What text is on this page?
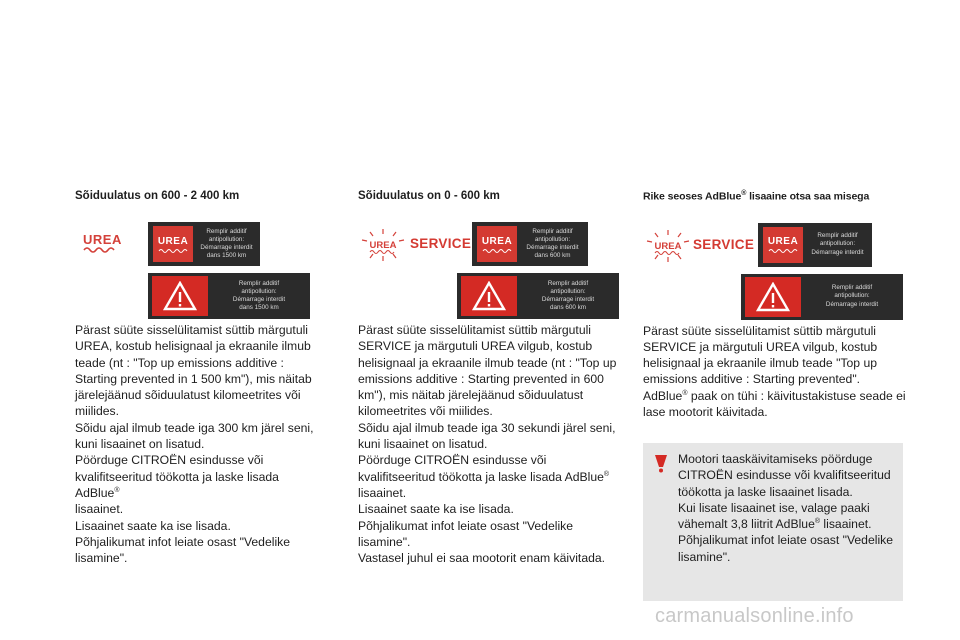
Sõiduulatus on 600 - 2 400 km
UREA	UREA
Remplir additif
antipollution:
Démarrage interdit
dans 1500 km
Remplir additif
antipollution:
Démarrage interdit
dans 1500 km

Pärast süüte sisselülitamist süttib märgutuli UREA, kostub helisignaal ja ekraanile ilmub teade (nt : "Top up emissions additive : Starting prevented in 1 500 km"), mis näitab järelejäänud sõiduulatust kilomeetrites või miilides.

Sõidu ajal ilmub teade iga 300 km järel seni, kuni lisaainet on lisatud.

Pöörduge CITROËN esindusse või kvalifitseeritud töökotta ja laske lisada AdBlue®

lisaainet.

Lisaainet saate ka ise lisada.

Põhjalikumat infot leiate osast "Vedelike lisamine".

Sõiduulatus on 0 - 600 km
UREA SERVICE UREA
Remplir additif
antipollution:
Démarrage interdit
dans 600 km
Remplir additif
antipollution:
Démarrage interdit
dans 600 km

Pärast süüte sisselülitamist süttib märgutuli SERVICE ja märgutuli UREA vilgub, kostub helisignaal ja ekraanile ilmub teade (nt : "Top up emissions additive : Starting prevented in 600 km"), mis näitab järelejäänud sõiduulatust kilomeetrites või miilides.

Sõidu ajal ilmub teade iga 30 sekundi järel seni, kuni lisaainet on lisatud.

Pöörduge CITROËN esindusse või kvalifitseeritud töökotta ja laske lisada AdBlue®

lisaainet.

Lisaainet saate ka ise lisada.

Põhjalikumat infot leiate osast "Vedelike lisamine".

Vastasel juhul ei saa mootorit enam käivitada.

Rike seoses AdBlue® lisaaine otsa saa misega
UREA SERVICE UREA
Remplir additif
antipollution:
Démarrage interdit
Remplir additif
antipollution:
Démarrage interdit

Pärast süüte sisselülitamist süttib märgutuli SERVICE ja märgutuli UREA vilgub, kostub helisignaal ja ekraanile ilmub teade "Top up emissions additive : Starting prevented".

AdBlue® paak on tühi : käivitustakistuse seade ei lase mootorit käivitada.

Mootori taaskäivitamiseks pöörduge CITROËN esindusse või kvalifitseeritud töökotta ja laske lisaainet lisada.

Kui lisate lisaainet ise, valage paaki vähemalt 3,8 liitrit AdBlue® lisaainet.

Põhjalikumat infot leiate osast "Vedelike lisamine".

carmanualsonline.info
